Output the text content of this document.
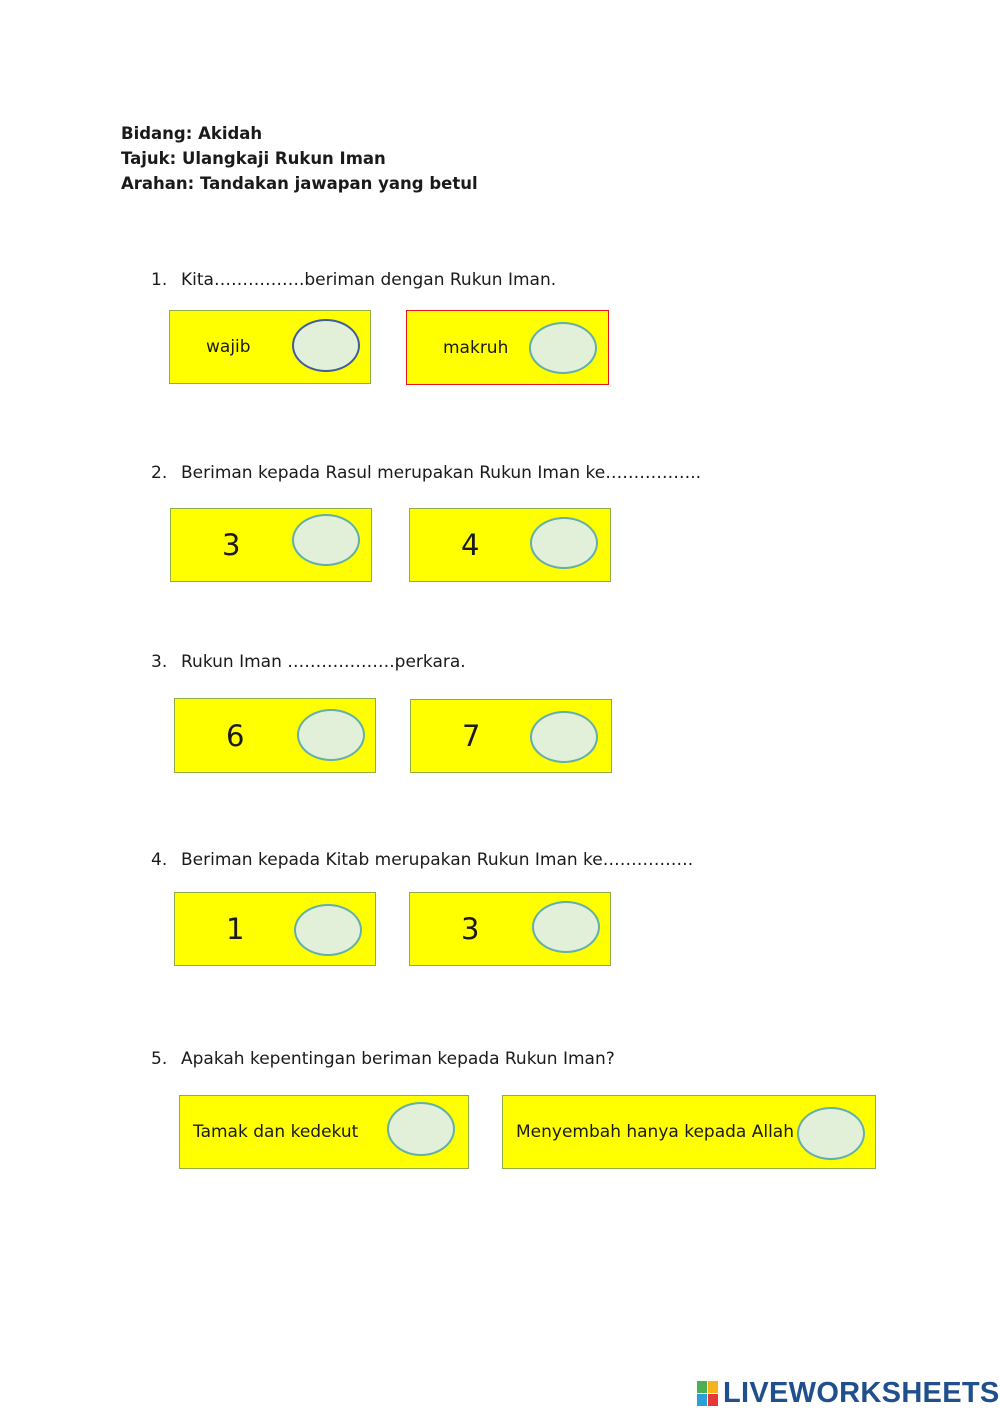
Bidang: Akidah
Tajuk: Ulangkaji Rukun Iman
Arahan: Tandakan jawapan yang betul
1. Kita…………….beriman dengan Rukun Iman.
wajib	makruh
2. Beriman kepada Rasul merupakan Rukun Iman ke……………..
3	4
3. Rukun Iman ……………….perkara.
6	7
4. Beriman kepada Kitab merupakan Rukun Iman ke…………….
1	3
5. Apakah kepentingan beriman kepada Rukun Iman?
Tamak dan kedekut	Menyembah hanya kepada Allah
LIVEWORKSHEETS
